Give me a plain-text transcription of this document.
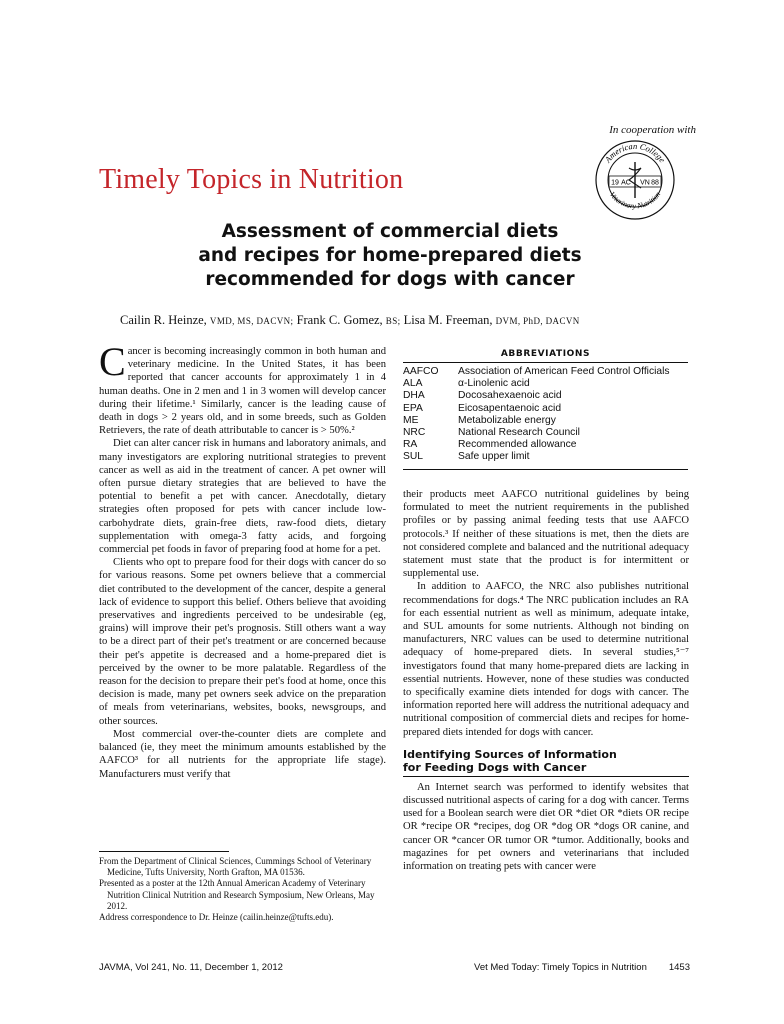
In cooperation with
American College
Veterinary Nutrition
19 AC VN 88
Timely Topics in Nutrition
Assessment of commercial diets
and recipes for home-prepared diets
recommended for dogs with cancer
Cailin R. Heinze, VMD, MS, DACVN; Frank C. Gomez, BS; Lisa M. Freeman, DVM, PhD, DACVN

Cancer is becoming increasingly common in both human and veterinary medicine. In the United States, it has been reported that cancer accounts for approximately 1 in 4 human deaths. One in 2 men and 1 in 3 women will develop cancer during their lifetime.¹ Similarly, cancer is the leading cause of death in dogs > 2 years old, and in some breeds, such as Golden Retrievers, the rate of death attributable to cancer is > 50%.²

Diet can alter cancer risk in humans and laboratory animals, and many investigators are exploring nutritional strategies to prevent cancer as well as aid in the treatment of cancer. A pet owner will often pursue dietary strategies that are believed to have the potential to benefit a pet with cancer. Anecdotally, dietary strategies often proposed for pets with cancer include low-carbohydrate diets, grain-free diets, raw-food diets, dietary supplementation with omega-3 fatty acids, and forgoing commercial pet foods in favor of preparing food at home for a pet.

Clients who opt to prepare food for their dogs with cancer do so for various reasons. Some pet owners believe that a commercial diet contributed to the development of the cancer, despite a general lack of evidence to support this belief. Others believe that avoiding preservatives and ingredients perceived to be undesirable (eg, grains) will improve their pet's prognosis. Still others want a way to be a direct part of their pet's treatment or are concerned because their pet's appetite is decreased and a home-prepared diet is perceived by the owner to be more palatable. Regardless of the reason for the decision to prepare their pet's food at home, once this decision is made, many pet owners seek advice on the preparation of meals from veterinarians, websites, books, newsgroups, and other sources.

Most commercial over-the-counter diets are complete and balanced (ie, they meet the minimum amounts established by the AAFCO³ for all nutrients for the appropriate life stage). Manufacturers must verify that

ABBREVIATIONS
AAFCO	Association of American Feed Control Officials
ALA	α-Linolenic acid
DHA	Docosahexaenoic acid
EPA	Eicosapentaenoic acid
ME	Metabolizable energy
NRC	National Research Council
RA	Recommended allowance
SUL	Safe upper limit

their products meet AAFCO nutritional guidelines by being formulated to meet the nutrient requirements in the published profiles or by passing animal feeding tests that use AAFCO protocols.³ If neither of these situations is met, then the diets are not considered complete and balanced and the nutritional adequacy statement must state that the product is for intermittent or supplemental use.

In addition to AAFCO, the NRC also publishes nutritional recommendations for dogs.⁴ The NRC publication includes an RA for each essential nutrient as well as minimum, adequate intake, and SUL amounts for some nutrients. Although not binding on manufacturers, NRC values can be used to determine nutritional adequacy of home-prepared diets. In several studies,⁵⁻⁷ investigators found that many home-prepared diets are lacking in essential nutrients. However, none of these studies was conducted to specifically examine diets intended for dogs with cancer. The information reported here will address the nutritional adequacy and nutritional composition of commercial diets and recipes for home-prepared diets intended for dogs with cancer.

Identifying Sources of Information
for Feeding Dogs with Cancer

An Internet search was performed to identify websites that discussed nutritional aspects of caring for a dog with cancer. Terms used for a Boolean search were diet OR *diet OR *diets OR recipe OR *recipe OR *recipes, dog OR *dog OR *dogs OR canine, and cancer OR *cancer OR tumor OR *tumor. Additionally, books and magazines for pet owners and veterinarians that included information on treating pets with cancer were

From the Department of Clinical Sciences, Cummings School of Veterinary Medicine, Tufts University, North Grafton, MA 01536.

Presented as a poster at the 12th Annual American Academy of Veterinary Nutrition Clinical Nutrition and Research Symposium, New Orleans, May 2012.

Address correspondence to Dr. Heinze (cailin.heinze@tufts.edu).

JAVMA, Vol 241, No. 11, December 1, 2012	Vet Med Today: Timely Topics in Nutrition 1453
